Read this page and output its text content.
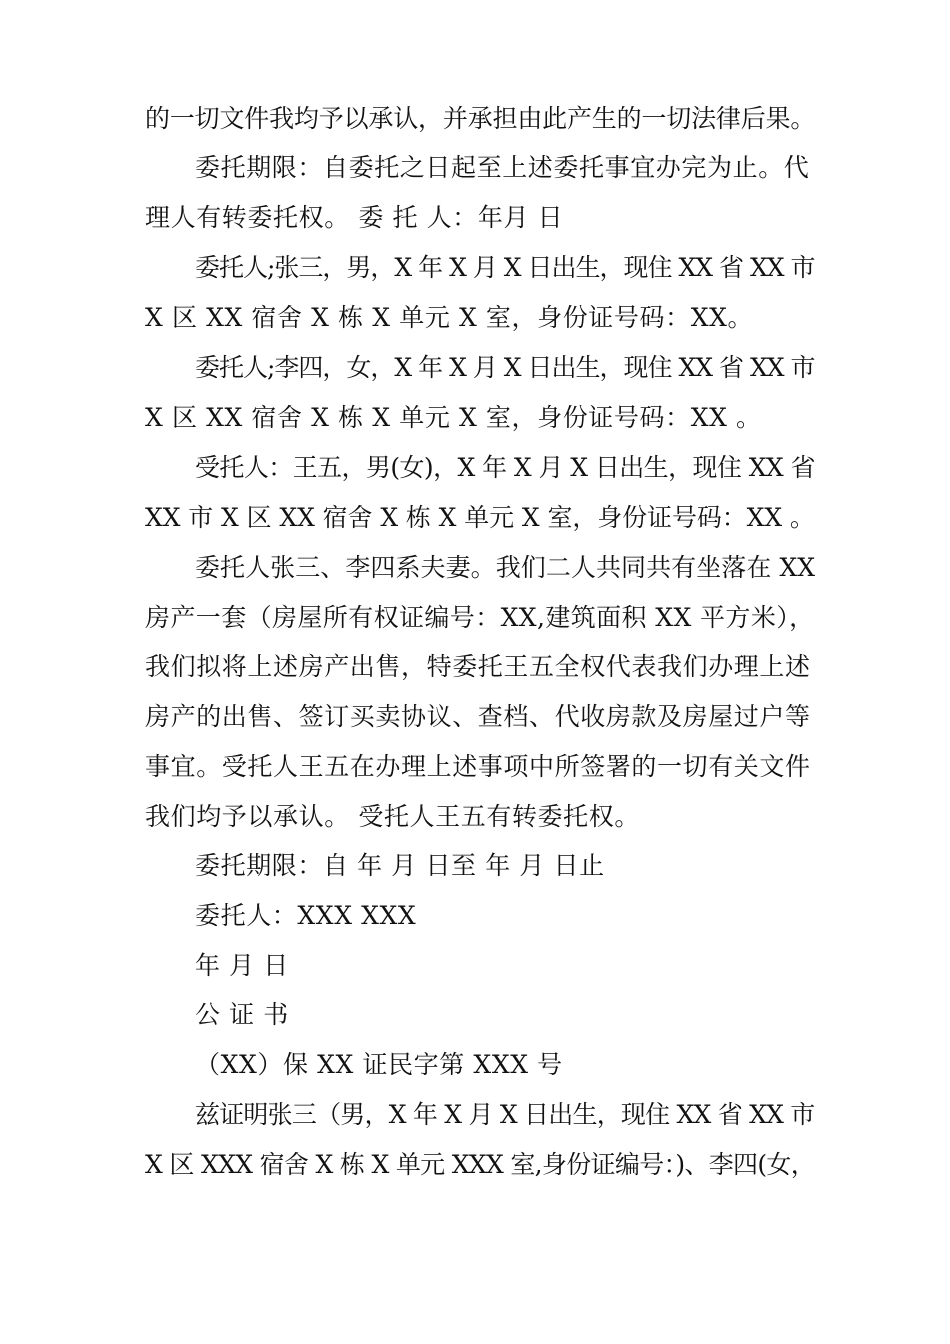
的一切文件我均予以承认，并承担由此产生的一切法律后果。
委托期限：自委托之日起至上述委托事宜办完为止。代
理人有转委托权。 委 托 人：年月 日
委托人;张三，男，X 年 X 月 X 日出生，现住 XX 省 XX 市
X 区 XX 宿舍 X 栋 X 单元 X 室，身份证号码：XX。
委托人;李四，女，X 年 X 月 X 日出生，现住 XX 省 XX 市
X 区 XX 宿舍 X 栋 X 单元 X 室，身份证号码：XX 。
受托人：王五，男(女)，X 年 X 月 X 日出生，现住 XX 省
XX 市 X 区 XX 宿舍 X 栋 X 单元 X 室，身份证号码：XX 。
委托人张三、李四系夫妻。我们二人共同共有坐落在 XX
房产一套（房屋所有权证编号：XX,建筑面积 XX 平方米），
我们拟将上述房产出售，特委托王五全权代表我们办理上述
房产的出售、签订买卖协议、查档、代收房款及房屋过户等
事宜。受托人王五在办理上述事项中所签署的一切有关文件
我们均予以承认。 受托人王五有转委托权。
委托期限：自 年 月 日至 年 月 日止
委托人：XXX XXX
年 月 日
公 证 书
（XX）保 XX 证民字第 XXX 号
兹证明张三（男，X 年 X 月 X 日出生，现住 XX 省 XX 市
X 区 XXX 宿舍 X 栋 X 单元 XXX 室,身份证编号：)、李四(女，
